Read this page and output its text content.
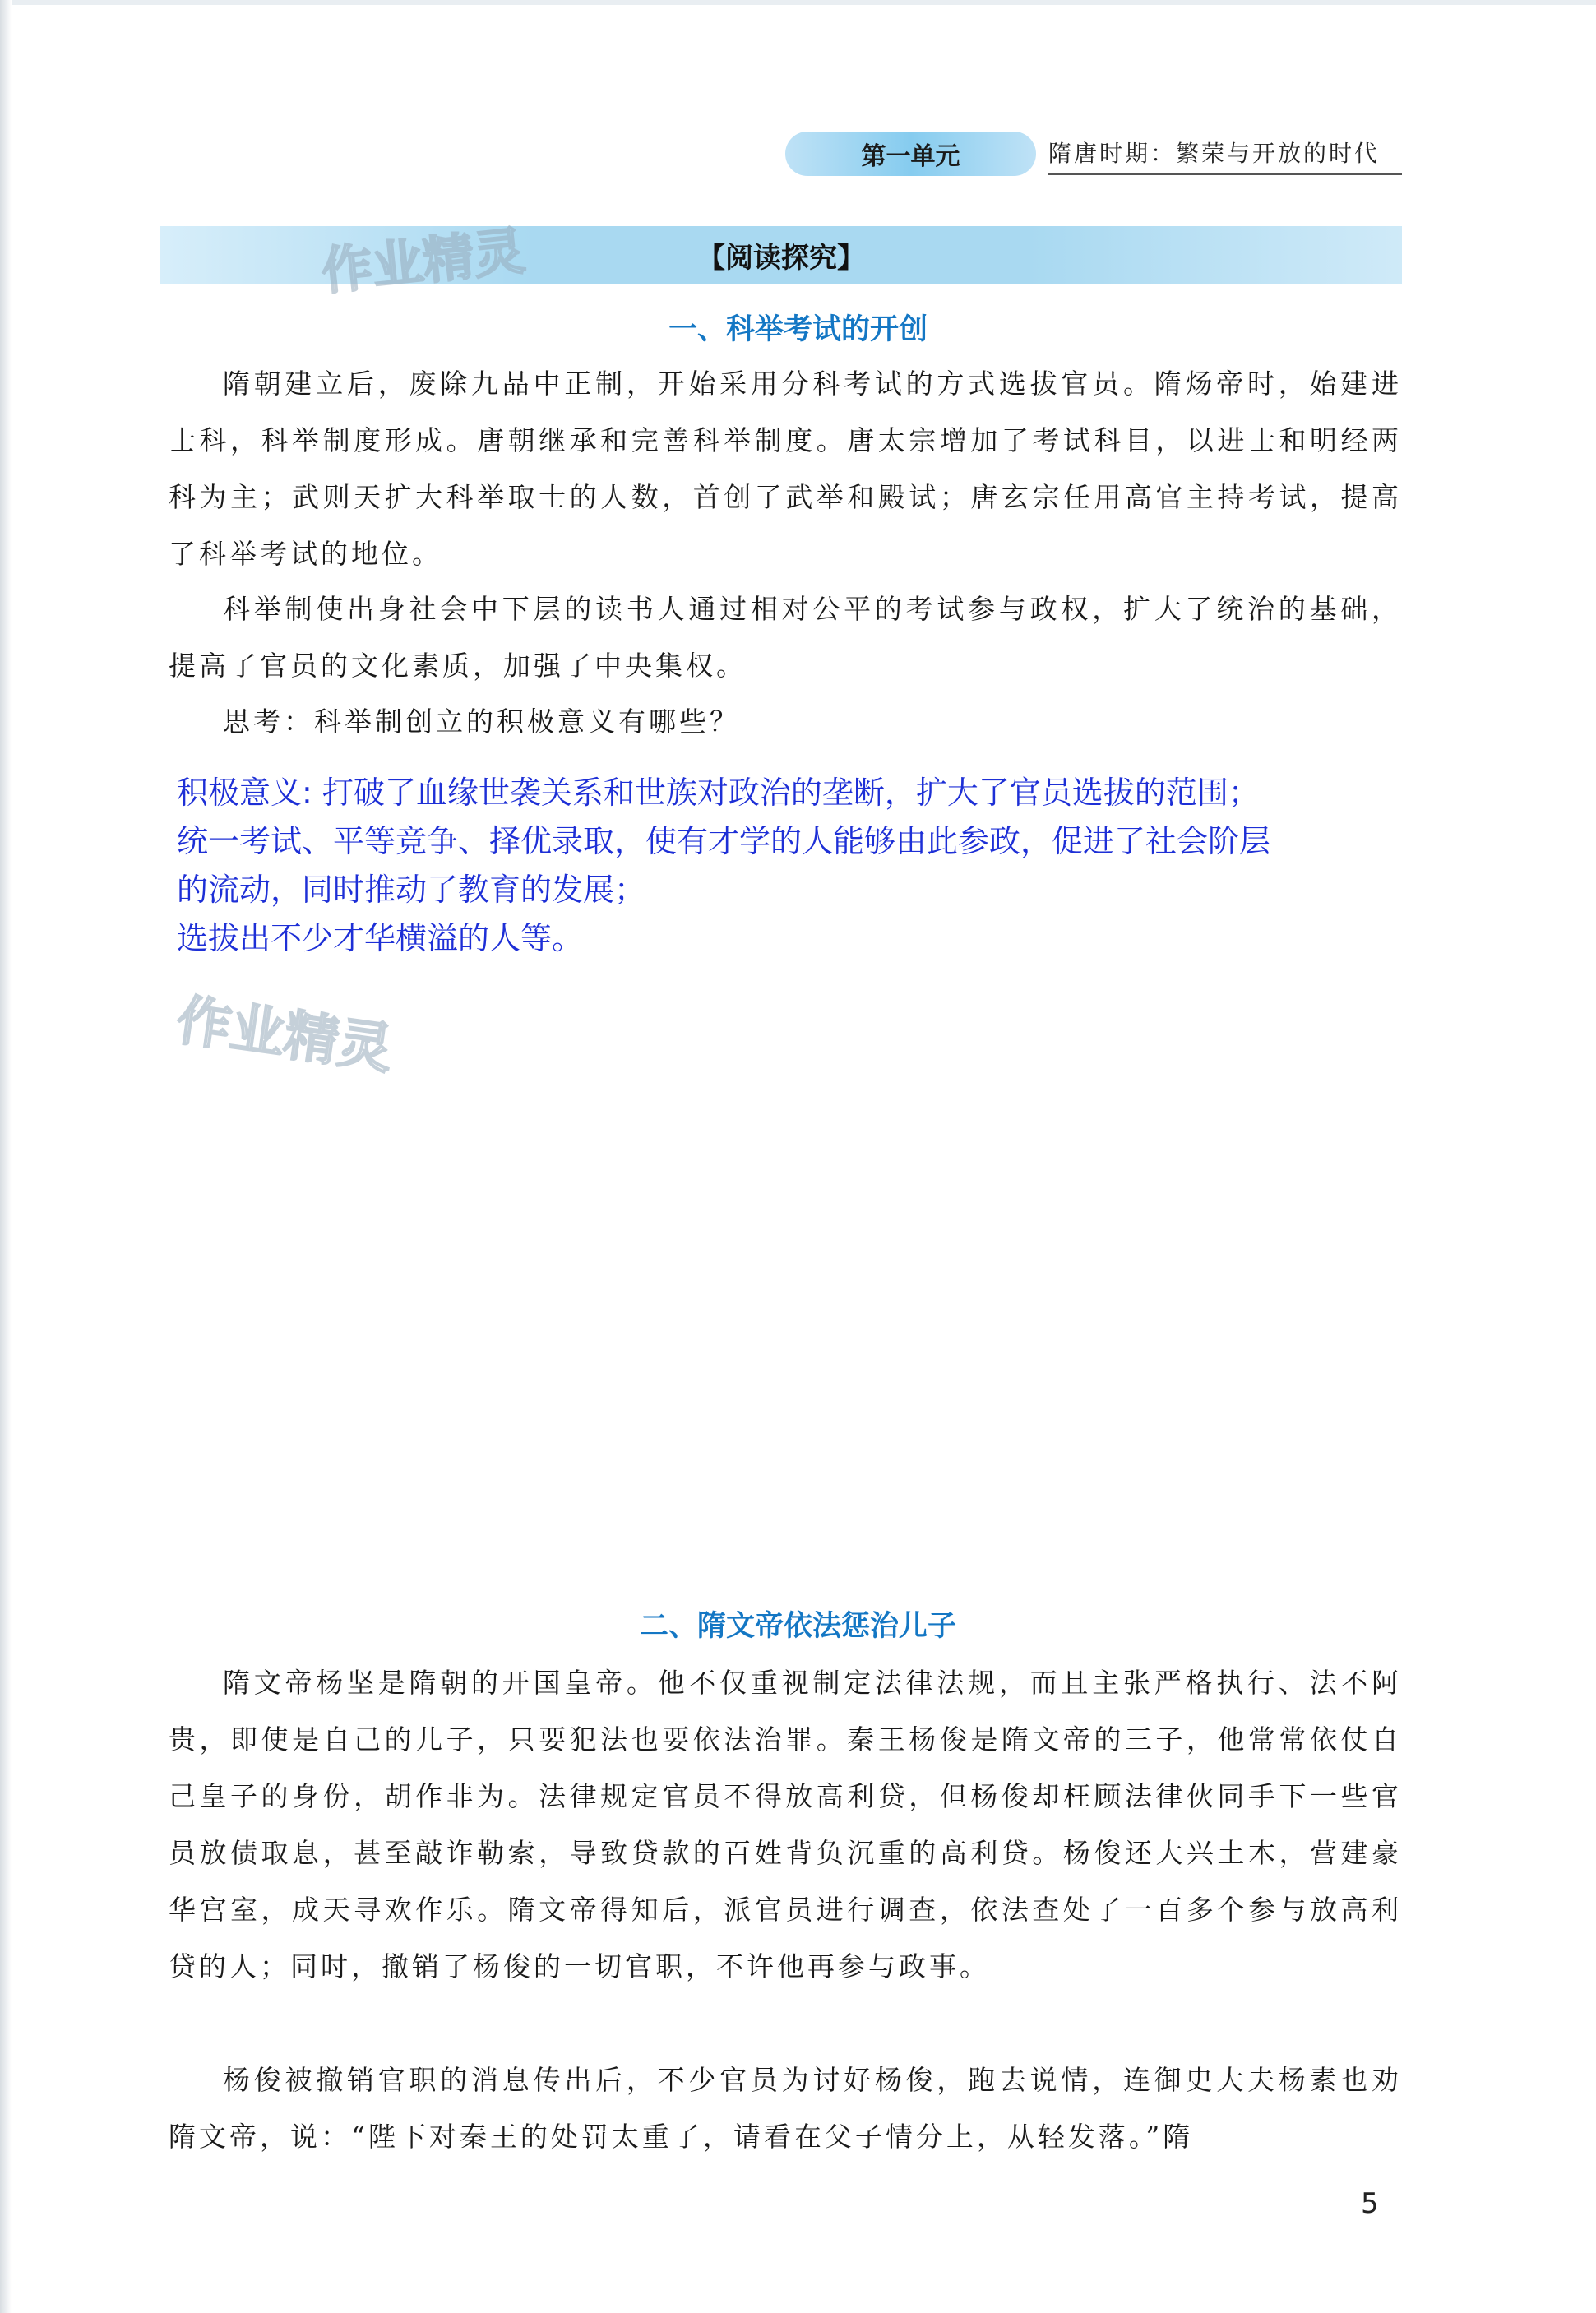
第一单元	隋唐时期：繁荣与开放的时代
【阅读探究】
作业精灵
一、科举考试的开创

隋朝建立后，废除九品中正制，开始采用分科考试的方式选拔官员。隋炀帝时，始建进士科，科举制度形成。唐朝继承和完善科举制度。唐太宗增加了考试科目，以进士和明经两科为主；武则天扩大科举取士的人数，首创了武举和殿试；唐玄宗任用高官主持考试，提高了科举考试的地位。

科举制使出身社会中下层的读书人通过相对公平的考试参与政权，扩大了统治的基础，提高了官员的文化素质，加强了中央集权。

思考：科举制创立的积极意义有哪些？

积极意义: 打破了血缘世袭关系和世族对政治的垄断，扩大了官员选拔的范围；
统一考试、平等竞争、择优录取，使有才学的人能够由此参政，促进了社会阶层
的流动，同时推动了教育的发展；
选拔出不少才华横溢的人等。
作业精灵
二、隋文帝依法惩治儿子

隋文帝杨坚是隋朝的开国皇帝。他不仅重视制定法律法规，而且主张严格执行、法不阿贵，即使是自己的儿子，只要犯法也要依法治罪。秦王杨俊是隋文帝的三子，他常常依仗自己皇子的身份，胡作非为。法律规定官员不得放高利贷，但杨俊却枉顾法律伙同手下一些官员放债取息，甚至敲诈勒索，导致贷款的百姓背负沉重的高利贷。杨俊还大兴土木，营建豪华宫室，成天寻欢作乐。隋文帝得知后，派官员进行调查，依法查处了一百多个参与放高利贷的人；同时，撤销了杨俊的一切官职，不许他再参与政事。

杨俊被撤销官职的消息传出后，不少官员为讨好杨俊，跑去说情，连御史大夫杨素也劝隋文帝，说：“陛下对秦王的处罚太重了，请看在父子情分上，从轻发落。”隋

5
